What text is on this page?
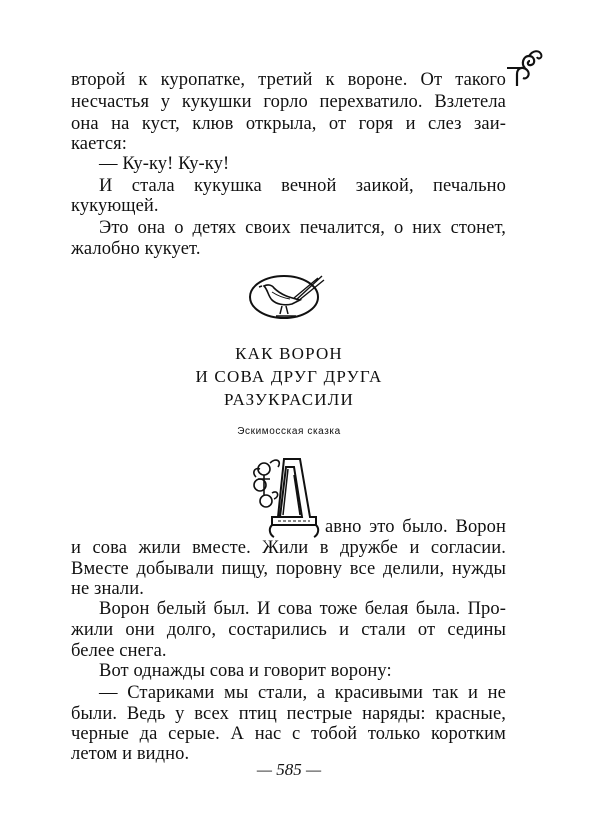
второй к куропатке, третий к вороне. От такого
несчастья у кукушки горло перехватило. Взлетела
она на куст, клюв открыла, от горя и слез заи-
кается:
— Ку-ку! Ку-ку!
И стала кукушка вечной заикой, печально
кукующей.
Это она о детях своих печалится, о них стонет,
жалобно кукует.
КАК ВОРОН
И СОВА ДРУГ ДРУГА
РАЗУКРАСИЛИ
Эскимосская сказка
авно это было. Ворон
и сова жили вместе. Жили в дружбе и согласии.
Вместе добывали пищу, поровну все делили, нужды
не знали.
Ворон белый был. И сова тоже белая была. Про-
жили они долго, состарились и стали от седины
белее снега.
Вот однажды сова и говорит ворону:
— Стариками мы стали, а красивыми так и не
были. Ведь у всех птиц пестрые наряды: красные,
черные да серые. А нас с тобой только коротким
летом и видно.
— 585 —
